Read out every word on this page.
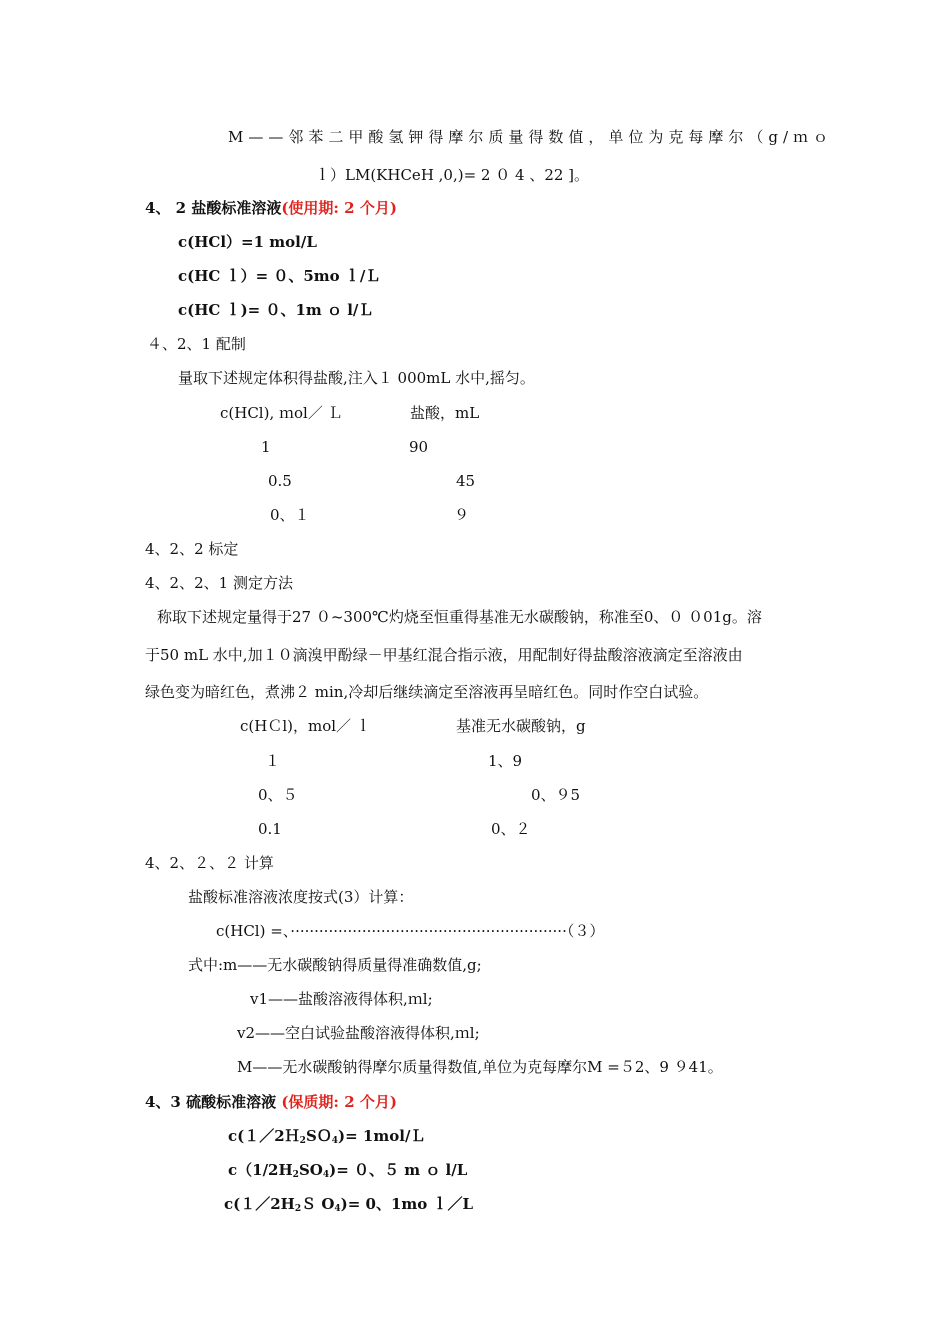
M——邻苯二甲酸氢钾得摩尔质量得数值，单位为克每摩尔（g/ｍｏ
ｌ）LM(KHCeH ,0,)= 2 ０ 4 、22 ]。
4、 2 盐酸标准溶液(使用期: 2 个月)
c(HCl）=1 mol/L
c(HC ｌ）= ０、5mo ｌ/Ｌ
c(HC ｌ)= ０、1m ｏ l/Ｌ
４、2、1 配制
量取下述规定体积得盐酸,注入１ 000mL 水中,摇匀。
c(HCl), ｍol／ Ｌ	盐酸，mL
1	90
0.5	45
0、１	９
4、2、2 标定
4、2、2、1 测定方法
称取下述规定量得于27 ０~300℃灼烧至恒重得基准无水碳酸钠，称准至0、０ ０01g。溶
于50 mL 水中,加１０滴溴甲酚绿－甲基红混合指示液，用配制好得盐酸溶液滴定至溶液由
绿色变为暗红色，煮沸２ min,冷却后继续滴定至溶液再呈暗红色。同时作空白试验。
c(HＣl)，mol／ ｌ	基准无水碳酸钠，g
１	1、9
0、５	0、９5
0.1	0、２
4、2、２、２ 计算
盐酸标准溶液浓度按式(3）计算：
c(HCl) =、··························································（３）
式中:m——无水碳酸钠得质量得准确数值,g;
v1——盐酸溶液得体积,ｍl;
v2——空白试验盐酸溶液得体积,ｍl;
M——无水碳酸钠得摩尔质量得数值,单位为克每摩尔M =５2、9 ９41。
4、3 硫酸标准溶液 (保质期: 2 个月)
c(１／2Ｈ$_2$SＯ$_4$)= 1mol/Ｌ
$c(1/2H_2SO_4)= 0$、５ m ｏ l/L
$c(1/2H_2S$ $O_4)= 0$、1mo ｌ／L
